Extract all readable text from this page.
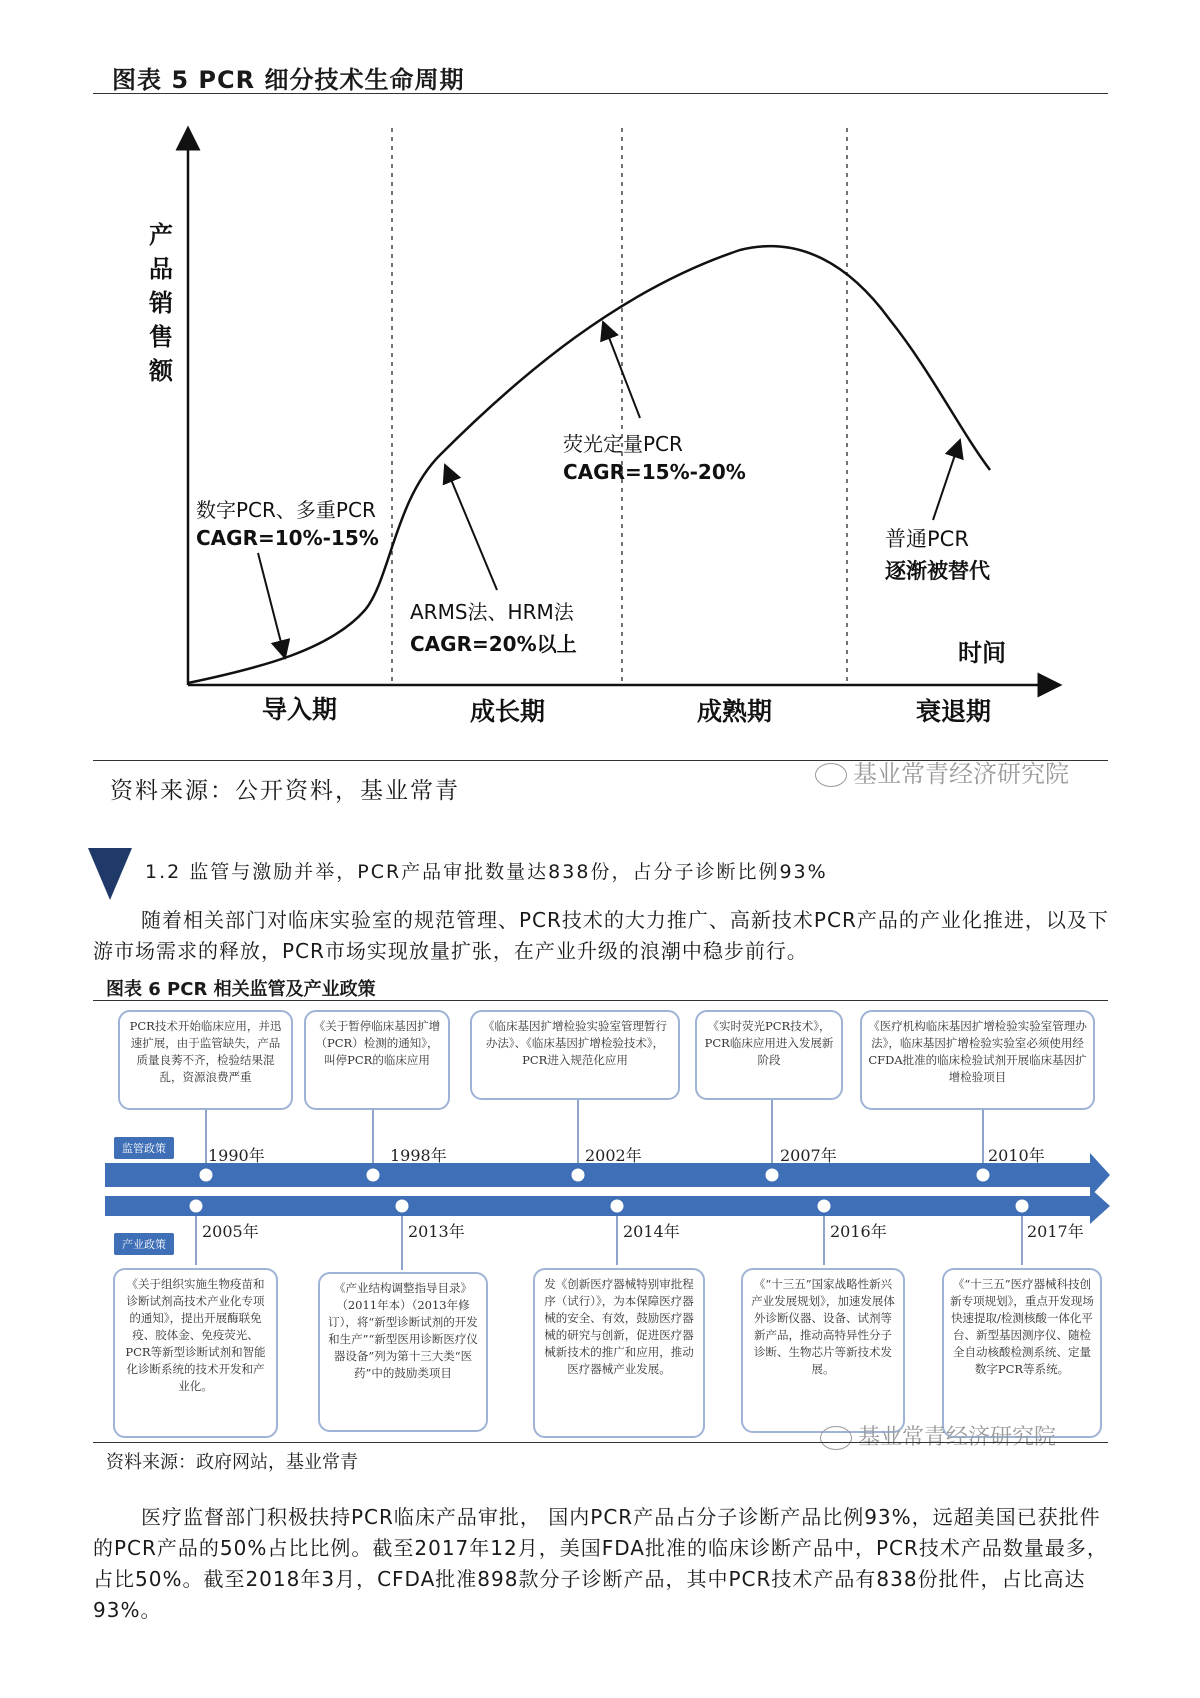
图表 5 PCR 细分技术生命周期
产
品
销
售
额
时间
导入期	成长期	成熟期	衰退期
数字PCR、多重PCR
CAGR=10%-15%
ARMS法、HRM法
CAGR=20%以上
荧光定量PCR
CAGR=15%-20%
普通PCR
逐渐被替代
资料来源：公开资料，基业常青
基业常青经济研究院
1.2 监管与激励并举，PCR产品审批数量达838份，占分子诊断比例93%
随着相关部门对临床实验室的规范管理、PCR技术的大力推广、高新技术PCR产品的产业化推进，以及下游市场需求的释放，PCR市场实现放量扩张，在产业升级的浪潮中稳步前行。
图表 6 PCR 相关监管及产业政策
PCR技术开始临床应用，并迅速扩展，由于监管缺失，产品质量良莠不齐，检验结果混乱，资源浪费严重
《关于暂停临床基因扩增（PCR）检测的通知》，叫停PCR的临床应用
《临床基因扩增检验实验室管理暂行办法》、《临床基因扩增检验技术》，PCR进入规范化应用
《实时荧光PCR技术》，PCR临床应用进入发展新阶段
《医疗机构临床基因扩增检验实验室管理办法》，临床基因扩增检验实验室必须使用经CFDA批准的临床检验试剂开展临床基因扩增检验项目
监管政策
产业政策
1990年	1998年	2002年	2007年	2010年
2005年	2013年	2014年	2016年	2017年
《关于组织实施生物疫苗和诊断试剂高技术产业化专项的通知》，提出开展酶联免疫、胶体金、免疫荧光、PCR等新型诊断试剂和智能化诊断系统的技术开发和产业化。
《产业结构调整指导目录》（2011年本）（2013年修订），将“新型诊断试剂的开发和生产”“新型医用诊断医疗仪器设备”列为第十三大类“医药”中的鼓励类项目
发《创新医疗器械特别审批程序（试行）》，为本保障医疗器械的安全、有效，鼓励医疗器械的研究与创新，促进医疗器械新技术的推广和应用，推动医疗器械产业发展。
《“十三五”国家战略性新兴产业发展规划》，加速发展体外诊断仪器、设备、试剂等新产品，推动高特异性分子诊断、生物芯片等新技术发展。
《“十三五”医疗器械科技创新专项规划》，重点开发现场快速提取/检测核酸一体化平台、新型基因测序仪、随检全自动核酸检测系统、定量数字PCR等系统。
基业常青经济研究院
资料来源：政府网站，基业常青
医疗监督部门积极扶持PCR临床产品审批， 国内PCR产品占分子诊断产品比例93%，远超美国已获批件的PCR产品的50%占比比例。截至2017年12月，美国FDA批准的临床诊断产品中，PCR技术产品数量最多，占比50%。截至2018年3月，CFDA批准898款分子诊断产品，其中PCR技术产品有838份批件，占比高达93%。
